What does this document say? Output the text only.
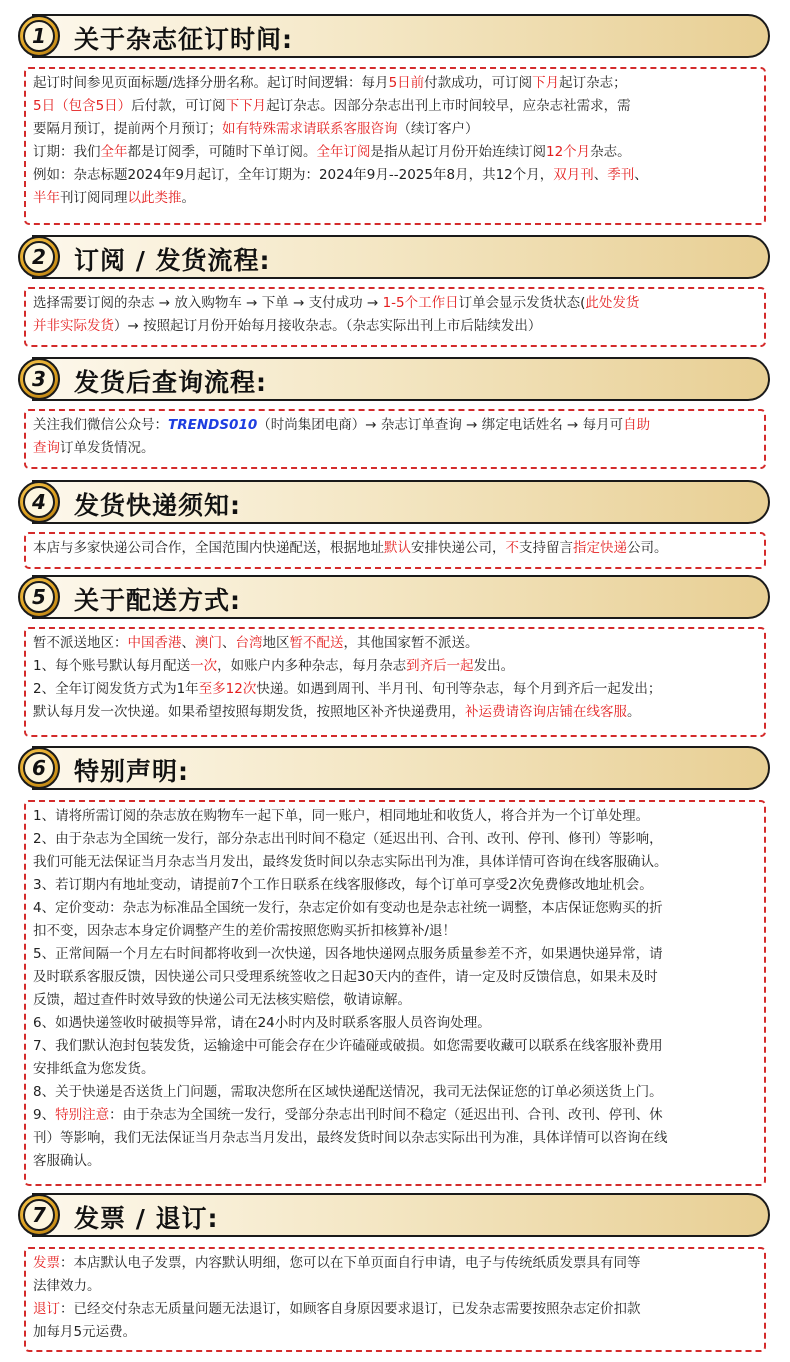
1	关于杂志征订时间:

起订时间参见页面标题/选择分册名称。起订时间逻辑：每月5日前付款成功，可订阅下月起订杂志；

5日（包含5日）后付款，可订阅下下月起订杂志。因部分杂志出刊上市时间较早，应杂志社需求，需

要隔月预订，提前两个月预订；如有特殊需求请联系客服咨询（续订客户）

订期：我们全年都是订阅季，可随时下单订阅。全年订阅是指从起订月份开始连续订阅12个月杂志。

例如：杂志标题2024年9月起订，全年订期为：2024年9月--2025年8月，共12个月，双月刊、季刊、

半年刊订阅同理以此类推。

2	订阅 / 发货流程:

选择需要订阅的杂志 → 放入购物车 → 下单 → 支付成功 → 1-5个工作日订单会显示发货状态(此处发货

并非实际发货）→ 按照起订月份开始每月接收杂志。（杂志实际出刊上市后陆续发出）

3	发货后查询流程:

关注我们微信公众号：TRENDS010（时尚集团电商）→ 杂志订单查询 → 绑定电话姓名 → 每月可自助

查询订单发货情况。

4	发货快递须知:

本店与多家快递公司合作，全国范围内快递配送，根据地址默认安排快递公司，不支持留言指定快递公司。

5	关于配送方式:

暂不派送地区：中国香港、澳门、台湾地区暂不配送，其他国家暂不派送。

1、每个账号默认每月配送一次，如账户内多种杂志，每月杂志到齐后一起发出。

2、全年订阅发货方式为1年至多12次快递。如遇到周刊、半月刊、旬刊等杂志，每个月到齐后一起发出；

默认每月发一次快递。如果希望按照每期发货，按照地区补齐快递费用，补运费请咨询店铺在线客服。

6	特别声明:

1、请将所需订阅的杂志放在购物车一起下单，同一账户，相同地址和收货人，将合并为一个订单处理。

2、由于杂志为全国统一发行，部分杂志出刊时间不稳定（延迟出刊、合刊、改刊、停刊、修刊）等影响，

我们可能无法保证当月杂志当月发出，最终发货时间以杂志实际出刊为准，具体详情可咨询在线客服确认。

3、若订期内有地址变动，请提前7个工作日联系在线客服修改，每个订单可享受2次免费修改地址机会。

4、定价变动：杂志为标准品全国统一发行，杂志定价如有变动也是杂志社统一调整，本店保证您购买的折

扣不变，因杂志本身定价调整产生的差价需按照您购买折扣核算补/退！

5、正常间隔一个月左右时间都将收到一次快递，因各地快递网点服务质量参差不齐，如果遇快递异常，请

及时联系客服反馈，因快递公司只受理系统签收之日起30天内的查件，请一定及时反馈信息，如果未及时

反馈，超过查件时效导致的快递公司无法核实赔偿，敬请谅解。

6、如遇快递签收时破损等异常，请在24小时内及时联系客服人员咨询处理。

7、我们默认泡封包装发货，运输途中可能会存在少许磕碰或破损。如您需要收藏可以联系在线客服补费用

安排纸盒为您发货。

8、关于快递是否送货上门问题，需取决您所在区域快递配送情况，我司无法保证您的订单必须送货上门。

9、特别注意：由于杂志为全国统一发行，受部分杂志出刊时间不稳定（延迟出刊、合刊、改刊、停刊、休

刊）等影响，我们无法保证当月杂志当月发出，最终发货时间以杂志实际出刊为准，具体详情可以咨询在线

客服确认。

7	发票 / 退订:

发票：本店默认电子发票，内容默认明细，您可以在下单页面自行申请，电子与传统纸质发票具有同等

法律效力。

退订：已经交付杂志无质量问题无法退订，如顾客自身原因要求退订，已发杂志需要按照杂志定价扣款

加每月5元运费。
